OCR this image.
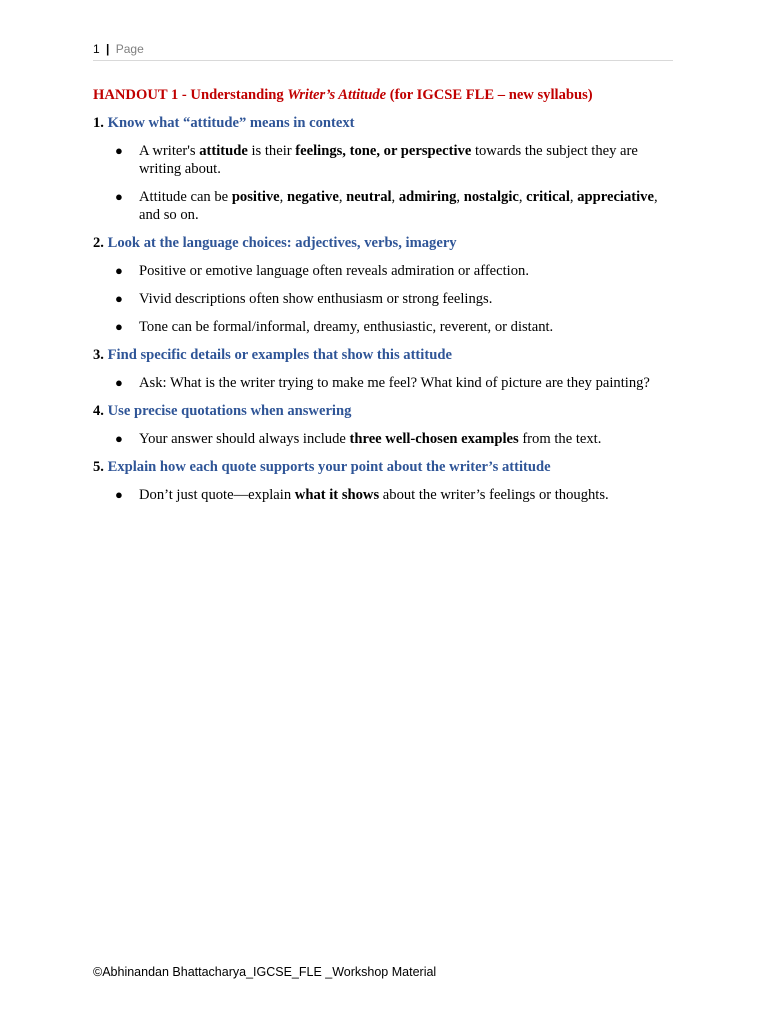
1 | Page
HANDOUT 1 - Understanding Writer’s Attitude (for IGCSE FLE – new syllabus)
1. Know what “attitude” means in context
● A writer's attitude is their feelings, tone, or perspective towards the subject they are writing about.
● Attitude can be positive, negative, neutral, admiring, nostalgic, critical, appreciative, and so on.
2. Look at the language choices: adjectives, verbs, imagery
● Positive or emotive language often reveals admiration or affection.
● Vivid descriptions often show enthusiasm or strong feelings.
● Tone can be formal/informal, dreamy, enthusiastic, reverent, or distant.
3. Find specific details or examples that show this attitude
● Ask: What is the writer trying to make me feel? What kind of picture are they painting?
4. Use precise quotations when answering
● Your answer should always include three well-chosen examples from the text.
5. Explain how each quote supports your point about the writer’s attitude
● Don’t just quote—explain what it shows about the writer’s feelings or thoughts.
©Abhinandan Bhattacharya_IGCSE_FLE _Workshop Material
